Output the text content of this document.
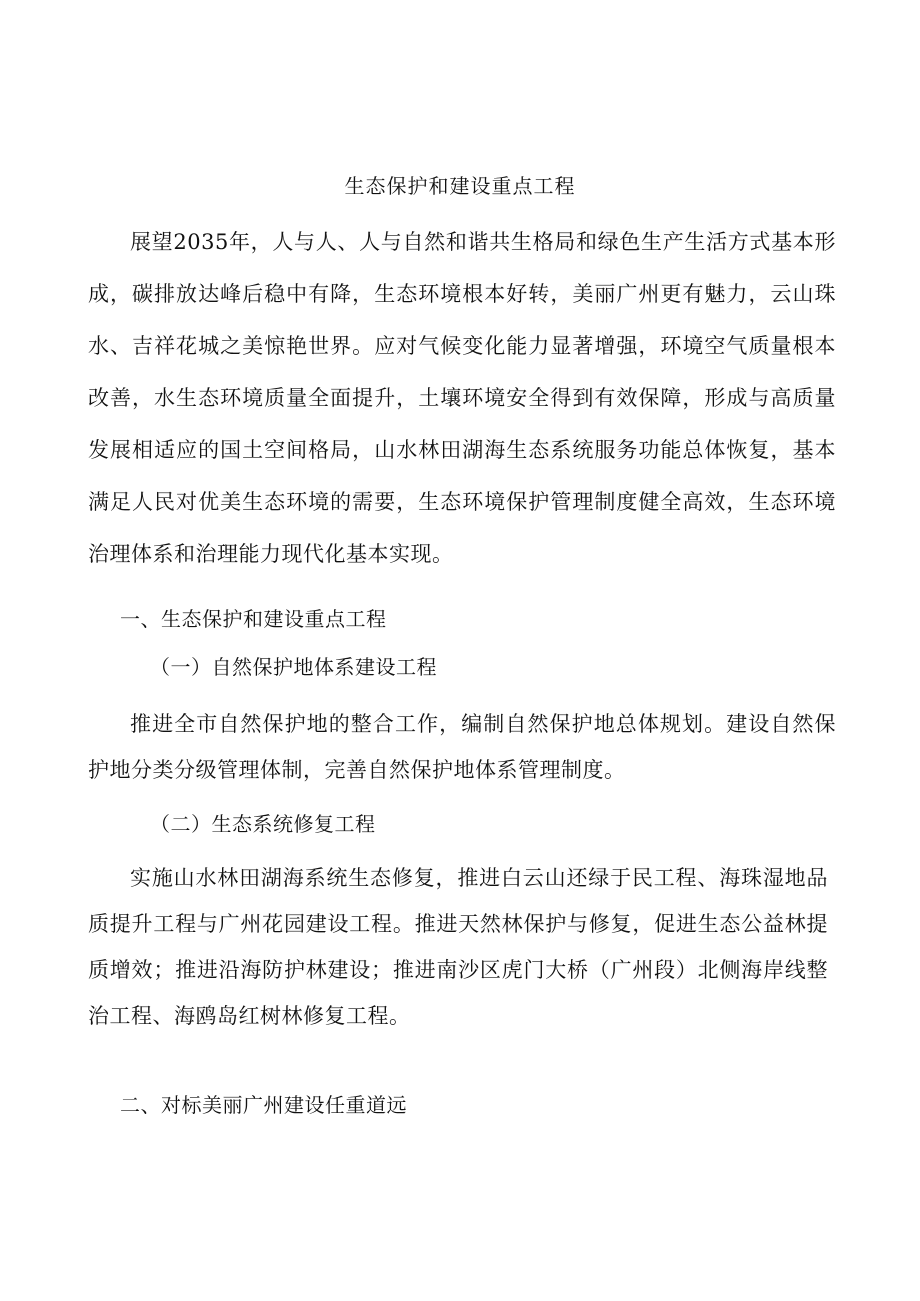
生态保护和建设重点工程

展望2035年，人与人、人与自然和谐共生格局和绿色生产生活方式基本形成，碳排放达峰后稳中有降，生态环境根本好转，美丽广州更有魅力，云山珠水、吉祥花城之美惊艳世界。应对气候变化能力显著增强，环境空气质量根本改善，水生态环境质量全面提升，土壤环境安全得到有效保障，形成与高质量发展相适应的国土空间格局，山水林田湖海生态系统服务功能总体恢复，基本满足人民对优美生态环境的需要，生态环境保护管理制度健全高效，生态环境治理体系和治理能力现代化基本实现。

一、生态保护和建设重点工程
（一）自然保护地体系建设工程

推进全市自然保护地的整合工作，编制自然保护地总体规划。建设自然保护地分类分级管理体制，完善自然保护地体系管理制度。

（二）生态系统修复工程

实施山水林田湖海系统生态修复，推进白云山还绿于民工程、海珠湿地品质提升工程与广州花园建设工程。推进天然林保护与修复，促进生态公益林提质增效；推进沿海防护林建设；推进南沙区虎门大桥（广州段）北侧海岸线整治工程、海鸥岛红树林修复工程。

二、对标美丽广州建设任重道远
